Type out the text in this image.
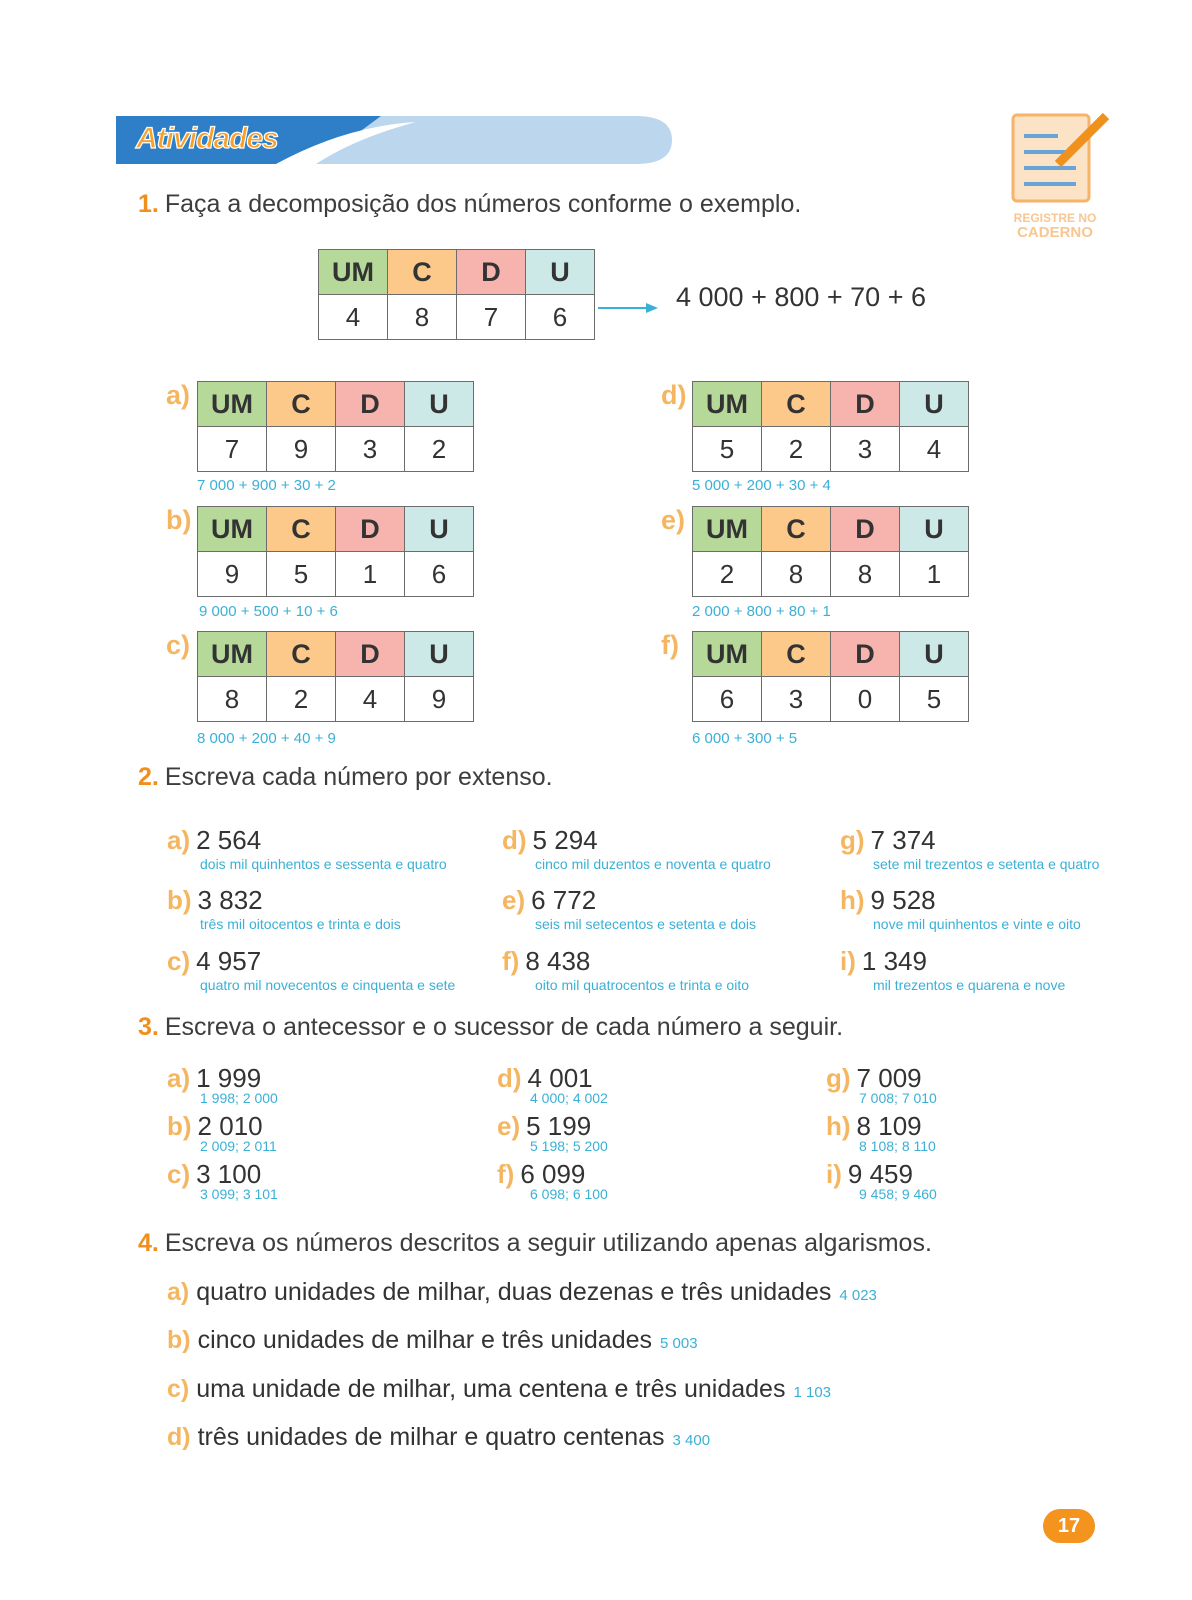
Atividades
REGISTRE NO
CADERNO
1. Faça a decomposição dos números conforme o exemplo.
UM	C	D	U
4	8	7	6
4 000 + 800 + 70 + 6
a) UM	C	D	U
7	9	3	2
7 000 + 900 + 30 + 2
b) UM	C	D	U
9	5	1	6
9 000 + 500 + 10 + 6
c) UM	C	D	U
8	2	4	9
8 000 + 200 + 40 + 9
d) UM	C	D	U
5	2	3	4
5 000 + 200 + 30 + 4
e) UM	C	D	U
2	8	8	1
2 000 + 800 + 80 + 1
f) UM	C	D	U
6	3	0	5
6 000 + 300 + 5
2. Escreva cada número por extenso.
a) 2 564
dois mil quinhentos e sessenta e quatro
b) 3 832
três mil oitocentos e trinta e dois
c) 4 957
quatro mil novecentos e cinquenta e sete
d) 5 294
cinco mil duzentos e noventa e quatro
e) 6 772
seis mil setecentos e setenta e dois
f) 8 438
oito mil quatrocentos e trinta e oito
g) 7 374
sete mil trezentos e setenta e quatro
h) 9 528
nove mil quinhentos e vinte e oito
i) 1 349
mil trezentos e quarena e nove
3. Escreva o antecessor e o sucessor de cada número a seguir.
a) 1 999
1 998; 2 000
b) 2 010
2 009; 2 011
c) 3 100
3 099; 3 101
d) 4 001
4 000; 4 002
e) 5 199
5 198; 5 200
f) 6 099
6 098; 6 100
g) 7 009
7 008; 7 010
h) 8 109
8 108; 8 110
i) 9 459
9 458; 9 460
4. Escreva os números descritos a seguir utilizando apenas algarismos.
a) quatro unidades de milhar, duas dezenas e três unidades 4 023
b) cinco unidades de milhar e três unidades 5 003
c) uma unidade de milhar, uma centena e três unidades 1 103
d) três unidades de milhar e quatro centenas 3 400
17
